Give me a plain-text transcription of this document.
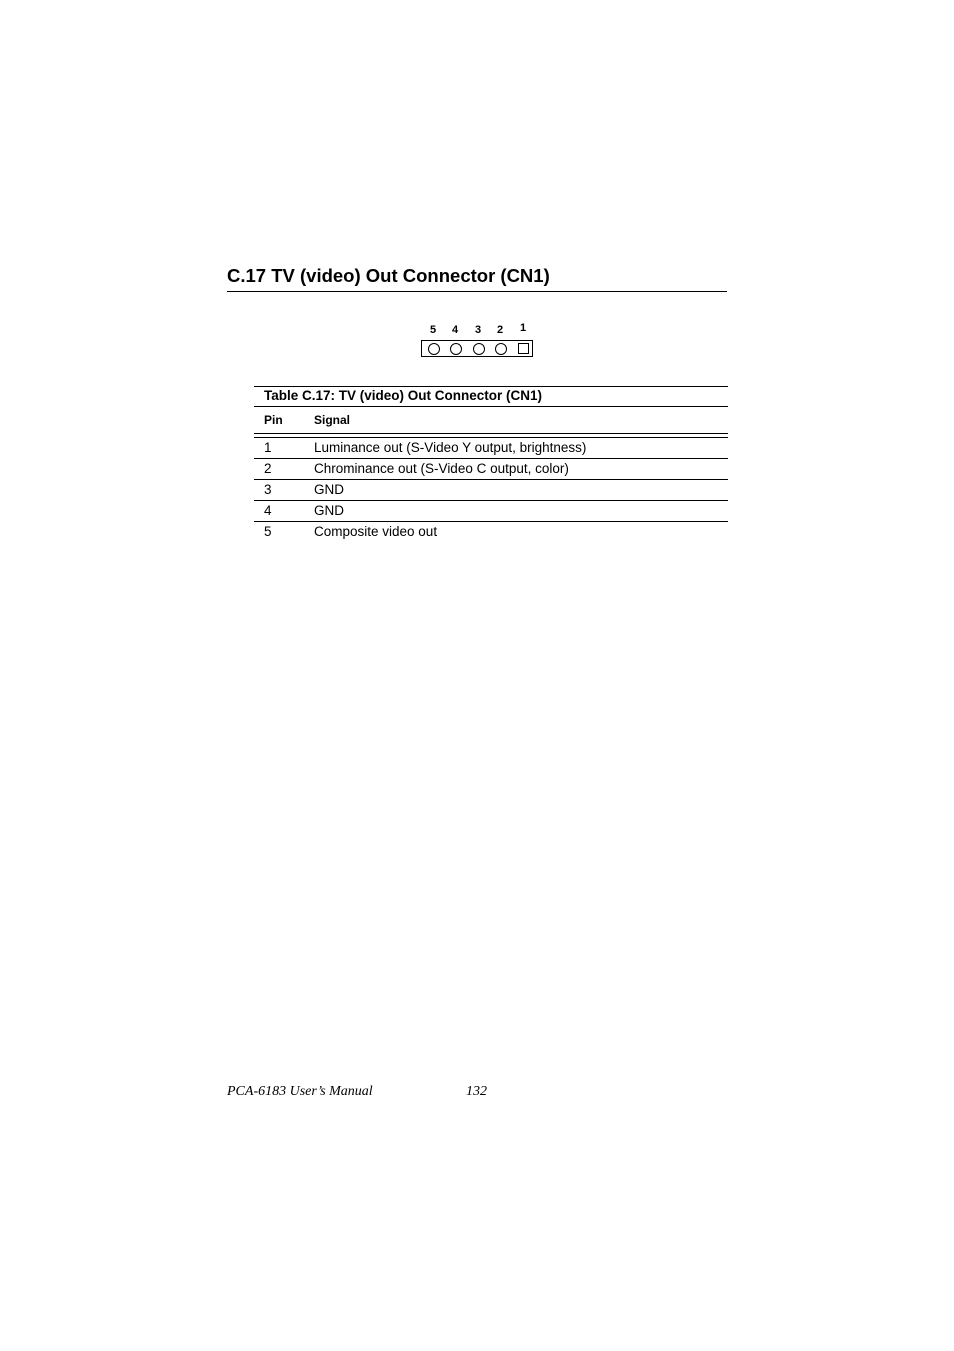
C.17 TV (video) Out Connector (CN1)
5 4 3 2 1
Table C.17: TV (video) Out Connector (CN1)
Pin	Signal

1	Luminance out (S-Video Y output, brightness)
2	Chrominance out (S-Video C output, color)
3	GND
4	GND
5	Composite video out
PCA-6183 User’s Manual	132
